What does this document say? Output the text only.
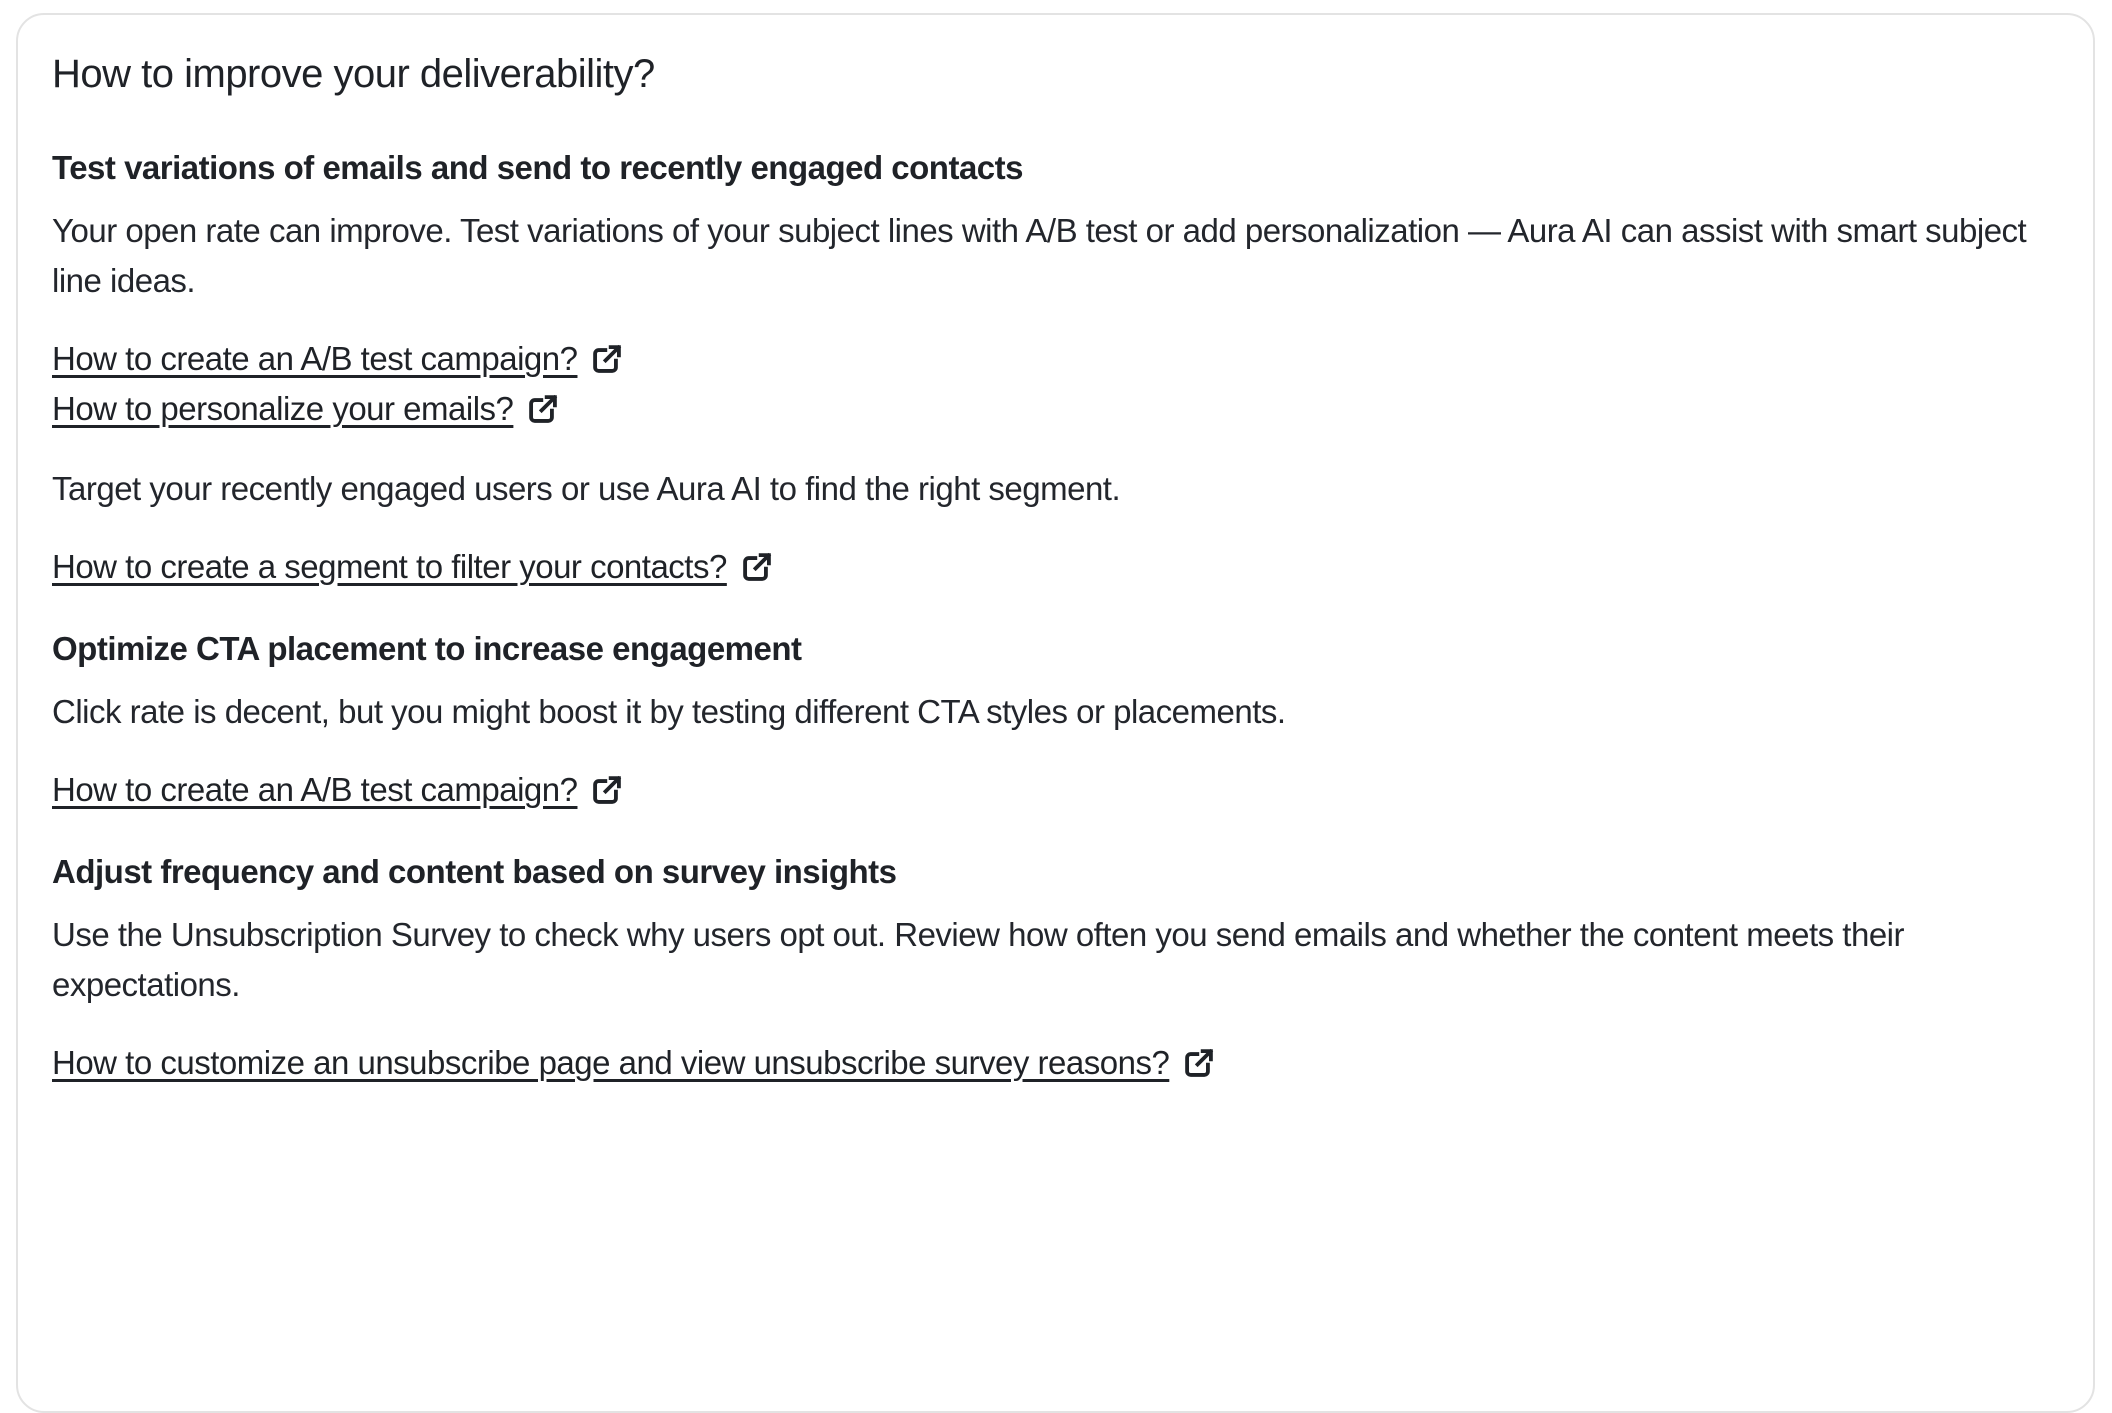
How to improve your deliverability?
Test variations of emails and send to recently engaged contacts

Your open rate can improve. Test variations of your subject lines with A/B test or add personalization — Aura AI can assist with smart subject line ideas.

How to create an A/B test campaign?
How to personalize your emails?

Target your recently engaged users or use Aura AI to find the right segment.

How to create a segment to filter your contacts?
Optimize CTA placement to increase engagement

Click rate is decent, but you might boost it by testing different CTA styles or placements.

How to create an A/B test campaign?
Adjust frequency and content based on survey insights

Use the Unsubscription Survey to check why users opt out. Review how often you send emails and whether the content meets their expectations.

How to customize an unsubscribe page and view unsubscribe survey reasons?
